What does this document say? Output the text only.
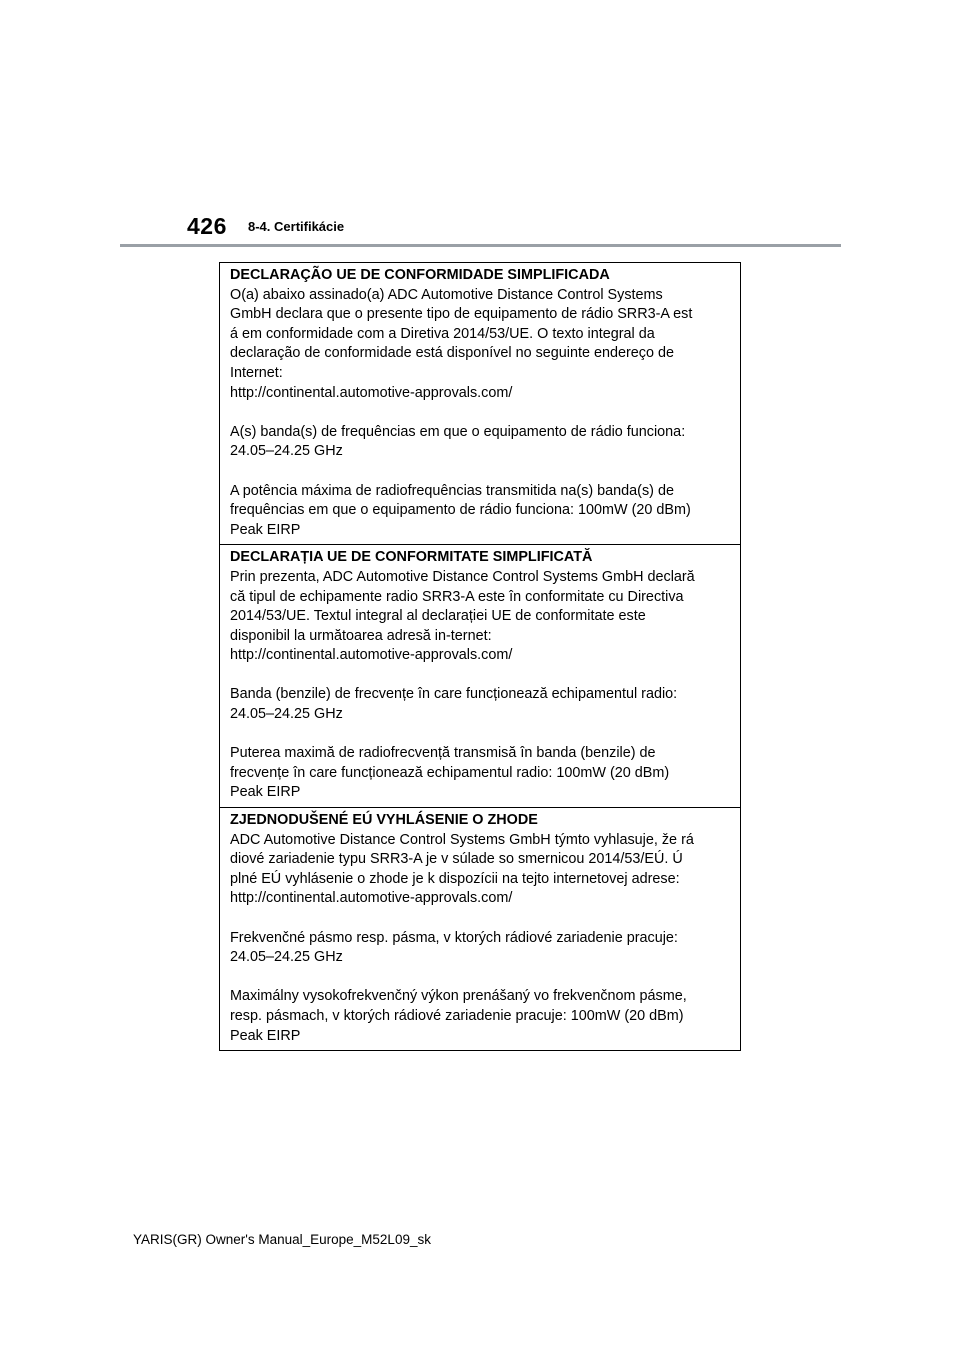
426 8-4. Certifikácie
DECLARAÇÃO UE DE CONFORMIDADE SIMPLIFICADA

O(a) abaixo assinado(a) ADC Automotive Distance Control Systems
GmbH declara que o presente tipo de equipamento de rádio SRR3-A est
á em conformidade com a Diretiva 2014/53/UE. O texto integral da
declaração de conformidade está disponível no seguinte endereço de
Internet:
http://continental.automotive-approvals.com/

A(s) banda(s) de frequências em que o equipamento de rádio funciona:
24.05–24.25 GHz

A potência máxima de radiofrequências transmitida na(s) banda(s) de
frequências em que o equipamento de rádio funciona: 100mW (20 dBm)
Peak EIRP

DECLARAȚIA UE DE CONFORMITATE SIMPLIFICATĂ

Prin prezenta, ADC Automotive Distance Control Systems GmbH declară
că tipul de echipamente radio SRR3-A este în conformitate cu Directiva
2014/53/UE. Textul integral al declarației UE de conformitate este
disponibil la următoarea adresă in-ternet:
http://continental.automotive-approvals.com/

Banda (benzile) de frecvențe în care funcționează echipamentul radio:
24.05–24.25 GHz

Puterea maximă de radiofrecvență transmisă în banda (benzile) de
frecvențe în care funcționează echipamentul radio: 100mW (20 dBm)
Peak EIRP

ZJEDNODUŠENÉ EÚ VYHLÁSENIE O ZHODE

ADC Automotive Distance Control Systems GmbH týmto vyhlasuje, že rá
diové zariadenie typu SRR3-A je v súlade so smernicou 2014/53/EÚ. Ú
plné EÚ vyhlásenie o zhode je k dispozícii na tejto internetovej adrese:
http://continental.automotive-approvals.com/

Frekvenčné pásmo resp. pásma, v ktorých rádiové zariadenie pracuje:
24.05–24.25 GHz

Maximálny vysokofrekvenčný výkon prenášaný vo frekvenčnom pásme,
resp. pásmach, v ktorých rádiové zariadenie pracuje: 100mW (20 dBm)
Peak EIRP

YARIS(GR) Owner's Manual_Europe_M52L09_sk
